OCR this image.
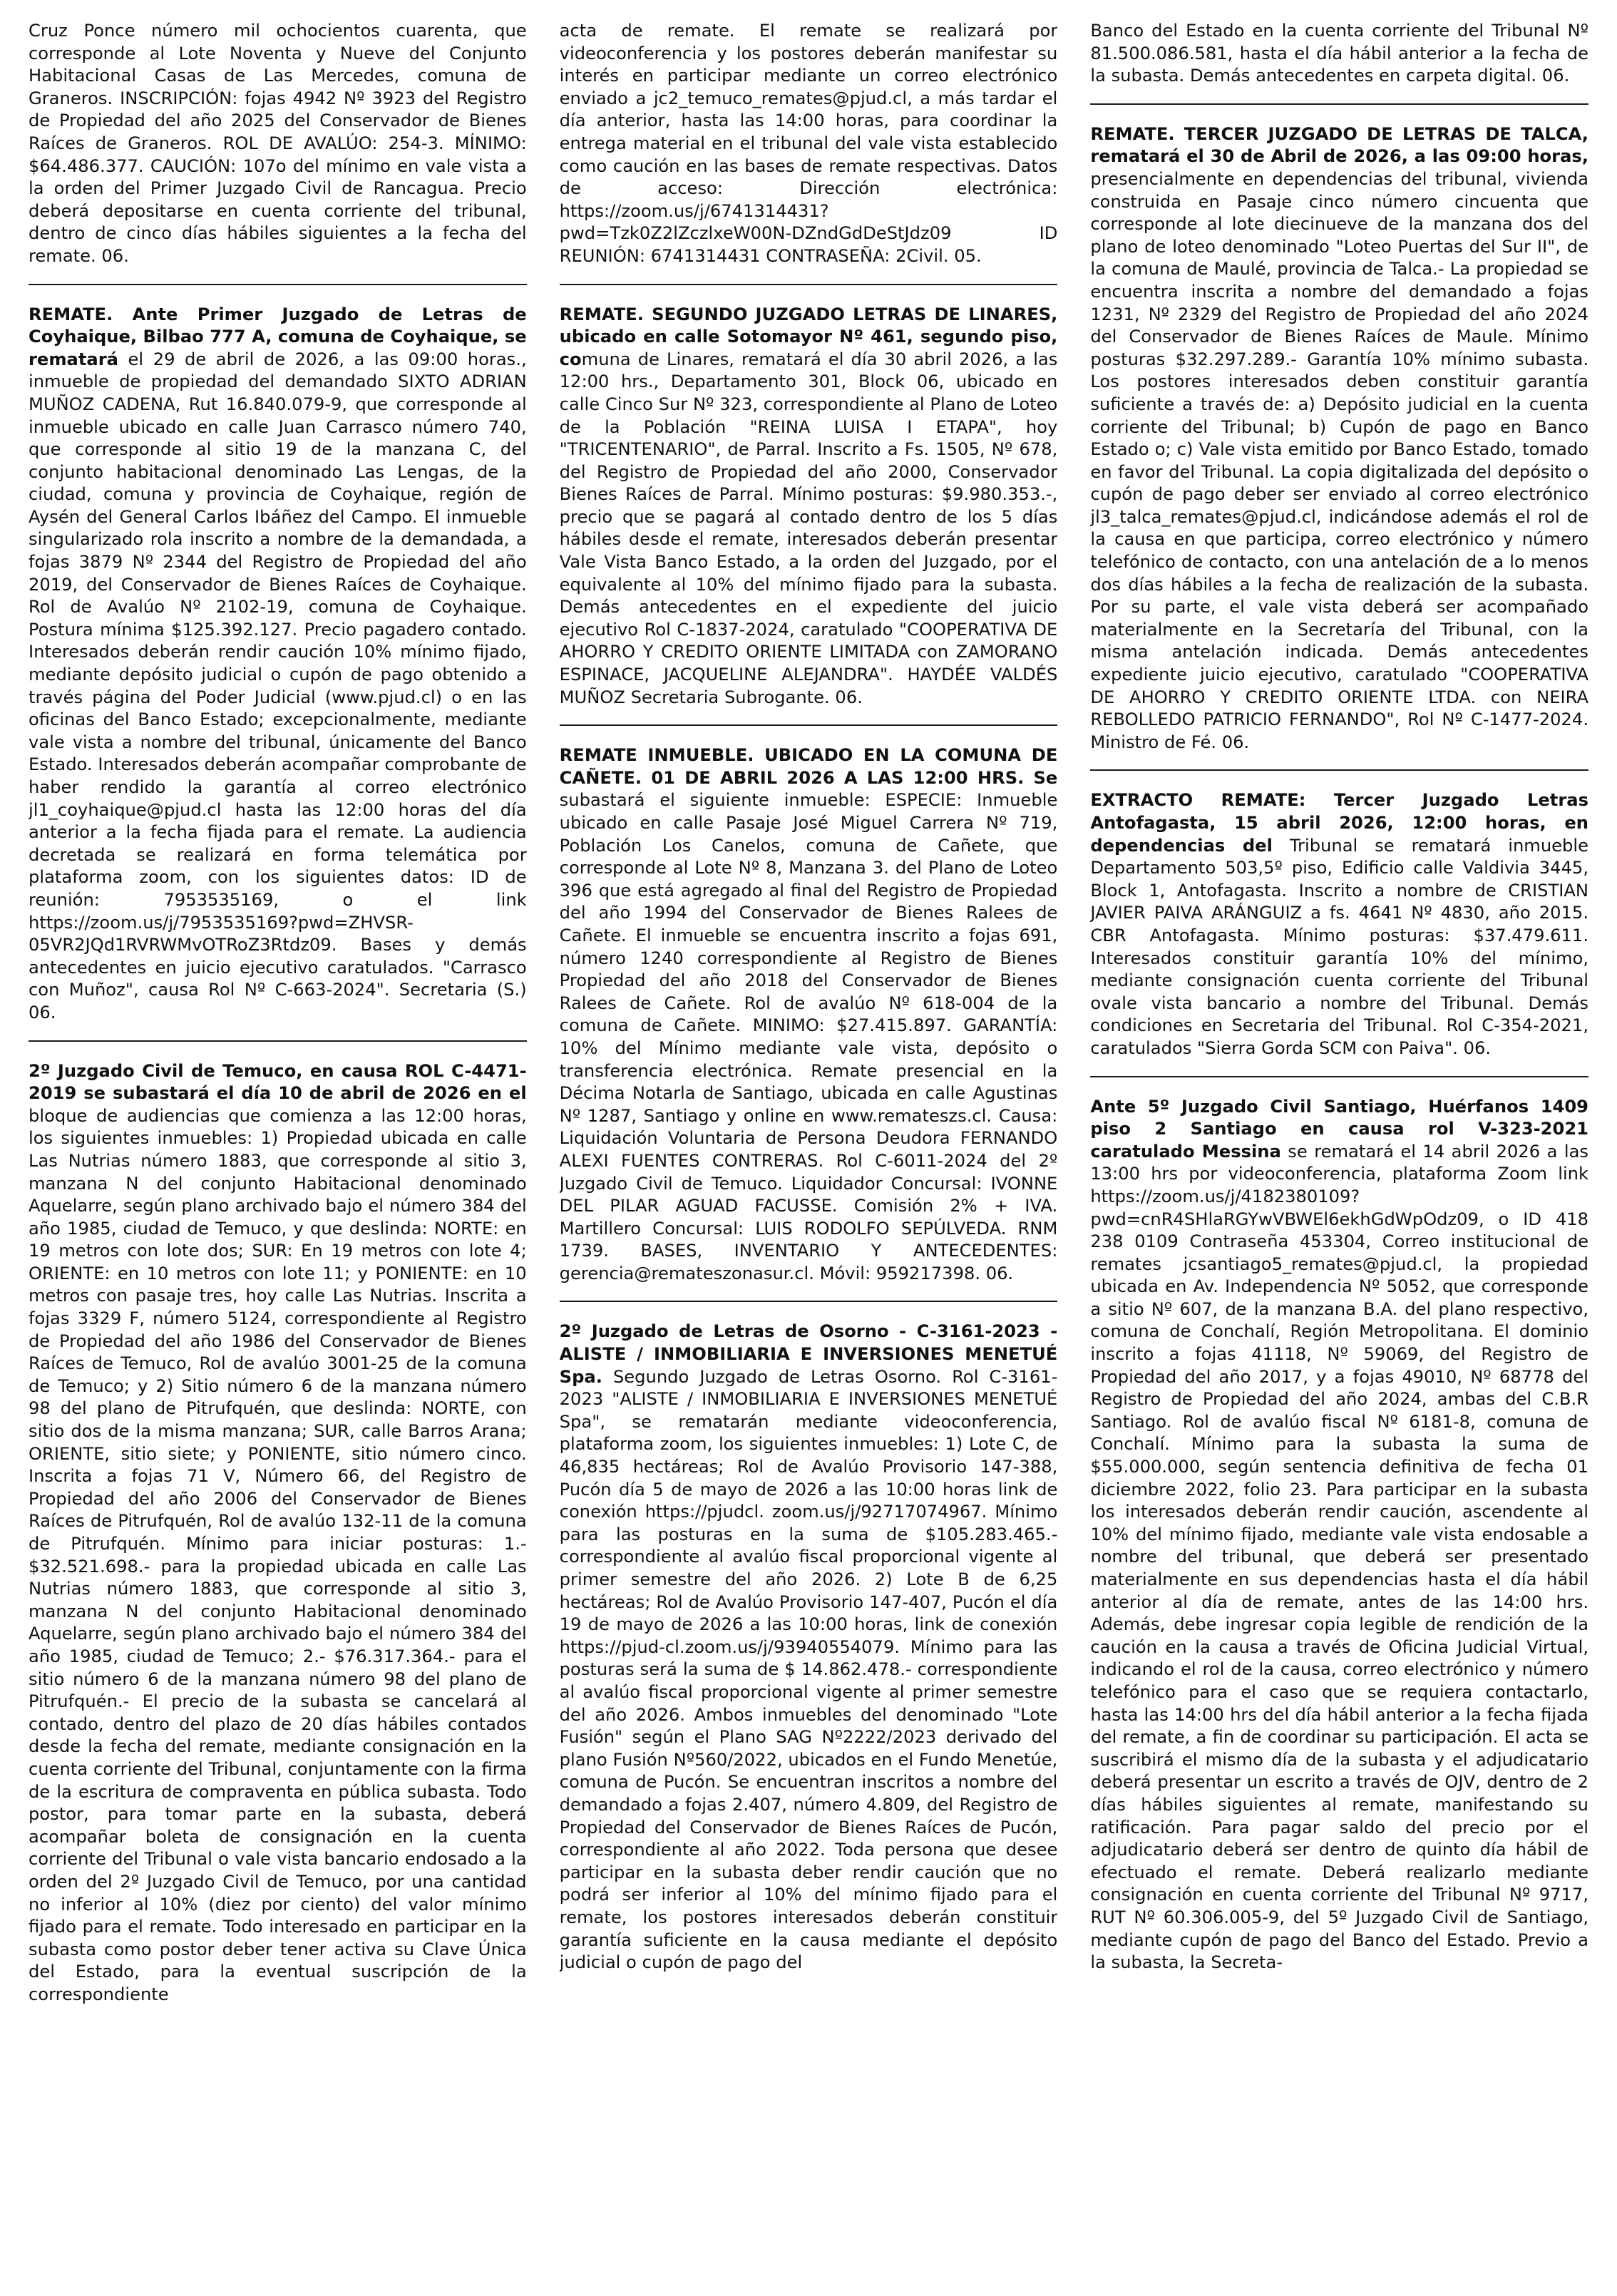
Cruz Ponce número mil ochocientos cuarenta, que corresponde al Lote Noventa y Nueve del Conjunto Habitacional Casas de Las Mercedes, comuna de Graneros. INSCRIPCIÓN: fojas 4942 Nº 3923 del Registro de Propiedad del año 2025 del Conservador de Bienes Raíces de Graneros. ROL DE AVALÚO: 254-3. MÍNIMO: $64.486.377. CAUCIÓN: 107o del mínimo en vale vista a la orden del Primer Juzgado Civil de Rancagua. Precio deberá depositarse en cuenta corriente del tribunal, dentro de cinco días hábiles siguientes a la fecha del remate. 06.

REMATE. Ante Primer Juzgado de Letras de Coyhaique, Bilbao 777 A, comuna de Coyhaique, se rematará el 29 de abril de 2026, a las 09:00 horas., inmueble de propiedad del demandado SIXTO ADRIAN MUÑOZ CADENA, Rut 16.840.079-9, que corresponde al inmueble ubicado en calle Juan Carrasco número 740, que corresponde al sitio 19 de la manzana C, del conjunto habitacional denominado Las Lengas, de la ciudad, comuna y provincia de Coyhaique, región de Aysén del General Carlos Ibáñez del Campo. El inmueble singularizado rola inscrito a nombre de la demandada, a fojas 3879 Nº 2344 del Registro de Propiedad del año 2019, del Conservador de Bienes Raíces de Coyhaique. Rol de Avalúo Nº 2102-19, comuna de Coyhaique. Postura mínima $125.392.127. Precio pagadero contado. Interesados deberán rendir caución 10% mínimo fijado, mediante depósito judicial o cupón de pago obtenido a través página del Poder Judicial (www.pjud.cl) o en las oficinas del Banco Estado; excepcionalmente, mediante vale vista a nombre del tribunal, únicamente del Banco Estado. Interesados deberán acompañar comprobante de haber rendido la garantía al correo electrónico jl1_coyhaique@pjud.cl hasta las 12:00 horas del día anterior a la fecha fijada para el remate. La audiencia decretada se realizará en forma telemática por plataforma zoom, con los siguientes datos: ID de reunión: 7953535169, o el link https://zoom.us/j/7953535169?pwd=ZHVSR-05VR2JQd1RVRWMvOTRoZ3Rtdz09. Bases y demás antecedentes en juicio ejecutivo caratulados. "Carrasco con Muñoz", causa Rol Nº C-663-2024". Secretaria (S.) 06.

2º Juzgado Civil de Temuco, en causa ROL C-4471-2019 se subastará el día 10 de abril de 2026 en el bloque de audiencias que comienza a las 12:00 horas, los siguientes inmuebles: 1) Propiedad ubicada en calle Las Nutrias número 1883, que corresponde al sitio 3, manzana N del conjunto Habitacional denominado Aquelarre, según plano archivado bajo el número 384 del año 1985, ciudad de Temuco, y que deslinda: NORTE: en 19 metros con lote dos; SUR: En 19 metros con lote 4; ORIENTE: en 10 metros con lote 11; y PONIENTE: en 10 metros con pasaje tres, hoy calle Las Nutrias. Inscrita a fojas 3329 F, número 5124, correspondiente al Registro de Propiedad del año 1986 del Conservador de Bienes Raíces de Temuco, Rol de avalúo 3001-25 de la comuna de Temuco; y 2) Sitio número 6 de la manzana número 98 del plano de Pitrufquén, que deslinda: NORTE, con sitio dos de la misma manzana; SUR, calle Barros Arana; ORIENTE, sitio siete; y PONIENTE, sitio número cinco. Inscrita a fojas 71 V, Número 66, del Registro de Propiedad del año 2006 del Conservador de Bienes Raíces de Pitrufquén, Rol de avalúo 132-11 de la comuna de Pitrufquén. Mínimo para iniciar posturas: 1.- $32.521.698.- para la propiedad ubicada en calle Las Nutrias número 1883, que corresponde al sitio 3, manzana N del conjunto Habitacional denominado Aquelarre, según plano archivado bajo el número 384 del año 1985, ciudad de Temuco; 2.- $76.317.364.- para el sitio número 6 de la manzana número 98 del plano de Pitrufquén.- El precio de la subasta se cancelará al contado, dentro del plazo de 20 días hábiles contados desde la fecha del remate, mediante consignación en la cuenta corriente del Tribunal, conjuntamente con la firma de la escritura de compraventa en pública subasta. Todo postor, para tomar parte en la subasta, deberá acompañar boleta de consignación en la cuenta corriente del Tribunal o vale vista bancario endosado a la orden del 2º Juzgado Civil de Temuco, por una cantidad no inferior al 10% (diez por ciento) del valor mínimo fijado para el remate. Todo interesado en participar en la subasta como postor deber tener activa su Clave Única del Estado, para la eventual suscripción de la correspondiente

acta de remate. El remate se realizará por videoconferencia y los postores deberán manifestar su interés en participar mediante un correo electrónico enviado a jc2_temuco_remates@pjud.cl, a más tardar el día anterior, hasta las 14:00 horas, para coordinar la entrega material en el tribunal del vale vista establecido como caución en las bases de remate respectivas. Datos de acceso: Dirección electrónica: https://zoom.us/j/6741314431?pwd=Tzk0Z2lZczlxeW00N-DZndGdDeStJdz09 ID REUNIÓN: 6741314431 CONTRASEÑA: 2Civil. 05.

REMATE. SEGUNDO JUZGADO LETRAS DE LINARES, ubicado en calle Sotomayor Nº 461, segundo piso, comuna de Linares, rematará el día 30 abril 2026, a las 12:00 hrs., Departamento 301, Block 06, ubicado en calle Cinco Sur Nº 323, correspondiente al Plano de Loteo de la Población "REINA LUISA I ETAPA", hoy "TRICENTENARIO", de Parral. Inscrito a Fs. 1505, Nº 678, del Registro de Propiedad del año 2000, Conservador Bienes Raíces de Parral. Mínimo posturas: $9.980.353.-, precio que se pagará al contado dentro de los 5 días hábiles desde el remate, interesados deberán presentar Vale Vista Banco Estado, a la orden del Juzgado, por el equivalente al 10% del mínimo fijado para la subasta. Demás antecedentes en el expediente del juicio ejecutivo Rol C-1837-2024, caratulado "COOPERATIVA DE AHORRO Y CREDITO ORIENTE LIMITADA con ZAMORANO ESPINACE, JACQUELINE ALEJANDRA". HAYDÉE VALDÉS MUÑOZ Secretaria Subrogante. 06.

REMATE INMUEBLE. UBICADO EN LA COMUNA DE CAÑETE. 01 DE ABRIL 2026 A LAS 12:00 HRS. Se subastará el siguiente inmueble: ESPECIE: Inmueble ubicado en calle Pasaje José Miguel Carrera Nº 719, Población Los Canelos, comuna de Cañete, que corresponde al Lote Nº 8, Manzana 3. del Plano de Loteo 396 que está agregado al final del Registro de Propiedad del año 1994 del Conservador de Bienes Ralees de Cañete. El inmueble se encuentra inscrito a fojas 691, número 1240 correspondiente al Registro de Bienes Propiedad del año 2018 del Conservador de Bienes Ralees de Cañete. Rol de avalúo Nº 618-004 de la comuna de Cañete. MINIMO: $27.415.897. GARANTÍA: 10% del Mínimo mediante vale vista, depósito o transferencia electrónica. Remate presencial en la Décima Notarla de Santiago, ubicada en calle Agustinas Nº 1287, Santiago y online en www.remateszs.cl. Causa: Liquidación Voluntaria de Persona Deudora FERNANDO ALEXI FUENTES CONTRERAS. Rol C-6011-2024 del 2º Juzgado Civil de Temuco. Liquidador Concursal: IVONNE DEL PILAR AGUAD FACUSSE. Comisión 2% + IVA. Martillero Concursal: LUIS RODOLFO SEPÚLVEDA. RNM 1739. BASES, INVENTARIO Y ANTECEDENTES: gerencia@remateszonasur.cl. Móvil: 959217398. 06.

2º Juzgado de Letras de Osorno - C-3161-2023 - ALISTE / INMOBILIARIA E INVERSIONES MENETUÉ Spa. Segundo Juzgado de Letras Osorno. Rol C-3161-2023 "ALISTE / INMOBILIARIA E INVERSIONES MENETUÉ Spa", se rematarán mediante videoconferencia, plataforma zoom, los siguientes inmuebles: 1) Lote C, de 46,835 hectáreas; Rol de Avalúo Provisorio 147-388, Pucón día 5 de mayo de 2026 a las 10:00 horas link de conexión https://pjudcl. zoom.us/j/92717074967. Mínimo para las posturas en la suma de $105.283.465.- correspondiente al avalúo fiscal proporcional vigente al primer semestre del año 2026. 2) Lote B de 6,25 hectáreas; Rol de Avalúo Provisorio 147-407, Pucón el día 19 de mayo de 2026 a las 10:00 horas, link de conexión https://pjud-cl.zoom.us/j/93940554079. Mínimo para las posturas será la suma de $ 14.862.478.- correspondiente al avalúo fiscal proporcional vigente al primer semestre del año 2026. Ambos inmuebles del denominado "Lote Fusión" según el Plano SAG Nº2222/2023 derivado del plano Fusión Nº560/2022, ubicados en el Fundo Menetúe, comuna de Pucón. Se encuentran inscritos a nombre del demandado a fojas 2.407, número 4.809, del Registro de Propiedad del Conservador de Bienes Raíces de Pucón, correspondiente al año 2022. Toda persona que desee participar en la subasta deber rendir caución que no podrá ser inferior al 10% del mínimo fijado para el remate, los postores interesados deberán constituir garantía suficiente en la causa mediante el depósito judicial o cupón de pago del

Banco del Estado en la cuenta corriente del Tribunal Nº 81.500.086.581, hasta el día hábil anterior a la fecha de la subasta. Demás antecedentes en carpeta digital. 06.

REMATE. TERCER JUZGADO DE LETRAS DE TALCA, rematará el 30 de Abril de 2026, a las 09:00 horas, presencialmente en dependencias del tribunal, vivienda construida en Pasaje cinco número cincuenta que corresponde al lote diecinueve de la manzana dos del plano de loteo denominado "Loteo Puertas del Sur II", de la comuna de Maulé, provincia de Talca.- La propiedad se encuentra inscrita a nombre del demandado a fojas 1231, Nº 2329 del Registro de Propiedad del año 2024 del Conservador de Bienes Raíces de Maule. Mínimo posturas $32.297.289.- Garantía 10% mínimo subasta. Los postores interesados deben constituir garantía suficiente a través de: a) Depósito judicial en la cuenta corriente del Tribunal; b) Cupón de pago en Banco Estado o; c) Vale vista emitido por Banco Estado, tomado en favor del Tribunal. La copia digitalizada del depósito o cupón de pago deber ser enviado al correo electrónico jl3_talca_remates@pjud.cl, indicándose además el rol de la causa en que participa, correo electrónico y número telefónico de contacto, con una antelación de a lo menos dos días hábiles a la fecha de realización de la subasta. Por su parte, el vale vista deberá ser acompañado materialmente en la Secretaría del Tribunal, con la misma antelación indicada. Demás antecedentes expediente juicio ejecutivo, caratulado "COOPERATIVA DE AHORRO Y CREDITO ORIENTE LTDA. con NEIRA REBOLLEDO PATRICIO FERNANDO", Rol Nº C-1477-2024. Ministro de Fé. 06.

EXTRACTO REMATE: Tercer Juzgado Letras Antofagasta, 15 abril 2026, 12:00 horas, en dependencias del Tribunal se rematará inmueble Departamento 503,5º piso, Edificio calle Valdivia 3445, Block 1, Antofagasta. Inscrito a nombre de CRISTIAN JAVIER PAIVA ARÁNGUIZ a fs. 4641 Nº 4830, año 2015. CBR Antofagasta. Mínimo posturas: $37.479.611. Interesados constituir garantía 10% del mínimo, mediante consignación cuenta corriente del Tribunal ovale vista bancario a nombre del Tribunal. Demás condiciones en Secretaria del Tribunal. Rol C-354-2021, caratulados "Sierra Gorda SCM con Paiva". 06.

Ante 5º Juzgado Civil Santiago, Huérfanos 1409 piso 2 Santiago en causa rol V-323-2021 caratulado Messina se rematará el 14 abril 2026 a las 13:00 hrs por videoconferencia, plataforma Zoom link https://zoom.us/j/4182380109?pwd=cnR4SHlaRGYwVBWEl6ekhGdWpOdz09, o ID 418 238 0109 Contraseña 453304, Correo institucional de remates jcsantiago5_remates@pjud.cl, la propiedad ubicada en Av. Independencia Nº 5052, que corresponde a sitio Nº 607, de la manzana B.A. del plano respectivo, comuna de Conchalí, Región Metropolitana. El dominio inscrito a fojas 41118, Nº 59069, del Registro de Propiedad del año 2017, y a fojas 49010, Nº 68778 del Registro de Propiedad del año 2024, ambas del C.B.R Santiago. Rol de avalúo fiscal Nº 6181-8, comuna de Conchalí. Mínimo para la subasta la suma de $55.000.000, según sentencia definitiva de fecha 01 diciembre 2022, folio 23. Para participar en la subasta los interesados deberán rendir caución, ascendente al 10% del mínimo fijado, mediante vale vista endosable a nombre del tribunal, que deberá ser presentado materialmente en sus dependencias hasta el día hábil anterior al día de remate, antes de las 14:00 hrs. Además, debe ingresar copia legible de rendición de la caución en la causa a través de Oficina Judicial Virtual, indicando el rol de la causa, correo electrónico y número telefónico para el caso que se requiera contactarlo, hasta las 14:00 hrs del día hábil anterior a la fecha fijada del remate, a fin de coordinar su participación. El acta se suscribirá el mismo día de la subasta y el adjudicatario deberá presentar un escrito a través de OJV, dentro de 2 días hábiles siguientes al remate, manifestando su ratificación. Para pagar saldo del precio por el adjudicatario deberá ser dentro de quinto día hábil de efectuado el remate. Deberá realizarlo mediante consignación en cuenta corriente del Tribunal Nº 9717, RUT Nº 60.306.005-9, del 5º Juzgado Civil de Santiago, mediante cupón de pago del Banco del Estado. Previo a la subasta, la Secreta-
